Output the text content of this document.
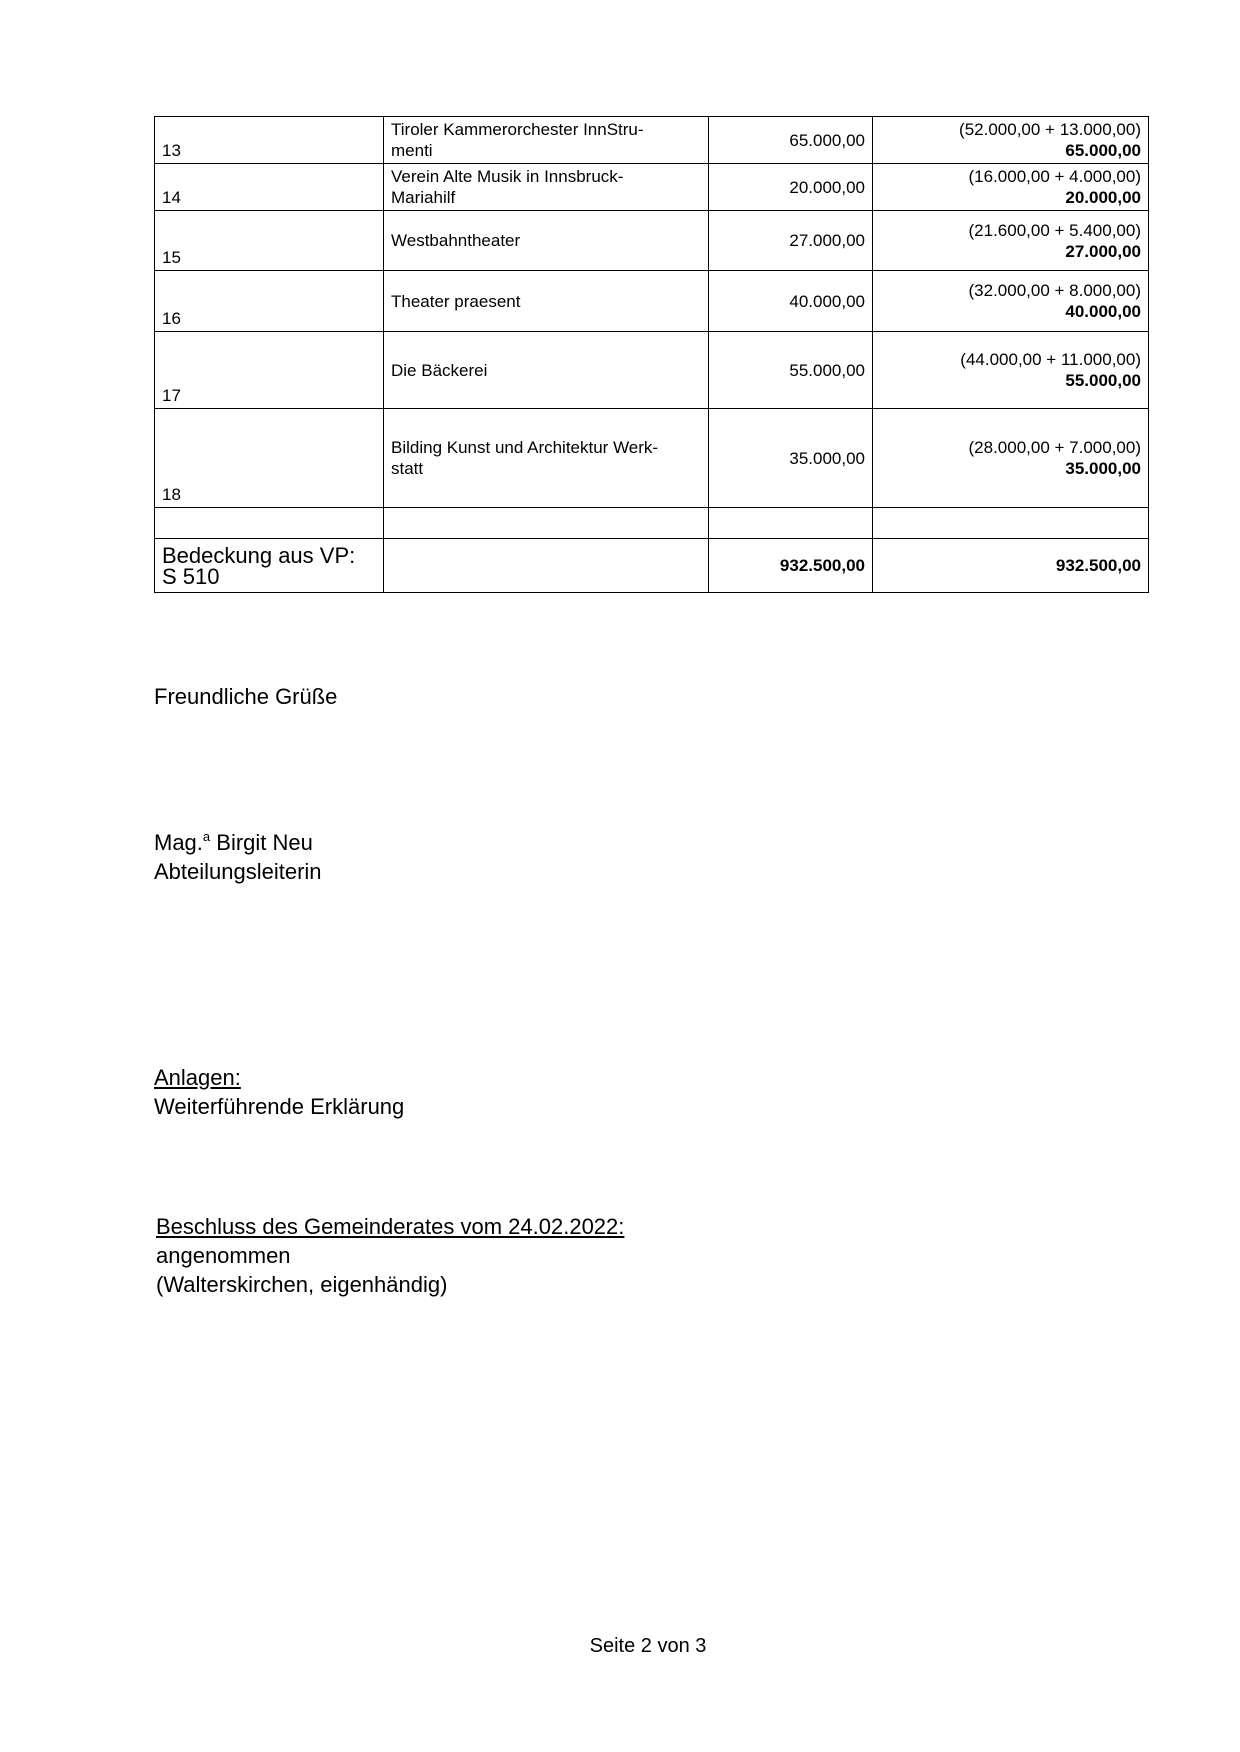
13	Tiroler Kammerorchester InnStru-
menti	65.000,00	(52.000,00 + 13.000,00)
65.000,00

14	Verein Alte Musik in Innsbruck-
Mariahilf	20.000,00	(16.000,00 + 4.000,00)
20.000,00

15	Westbahntheater	27.000,00	(21.600,00 + 5.400,00)
27.000,00

16	Theater praesent	40.000,00	(32.000,00 + 8.000,00)
40.000,00

17	Die Bäckerei	55.000,00	(44.000,00 + 11.000,00)
55.000,00

18	Bilding Kunst und Architektur Werk-
statt	35.000,00	(28.000,00 + 7.000,00)
35.000,00

Bedeckung aus VP:
S 510		932.500,00	932.500,00
Freundliche Grüße
Mag.$^a$ Birgit Neu
Abteilungsleiterin
Anlagen:
Weiterführende Erklärung
Beschluss des Gemeinderates vom 24.02.2022:
angenommen
(Walterskirchen, eigenhändig)
Seite 2 von 3
